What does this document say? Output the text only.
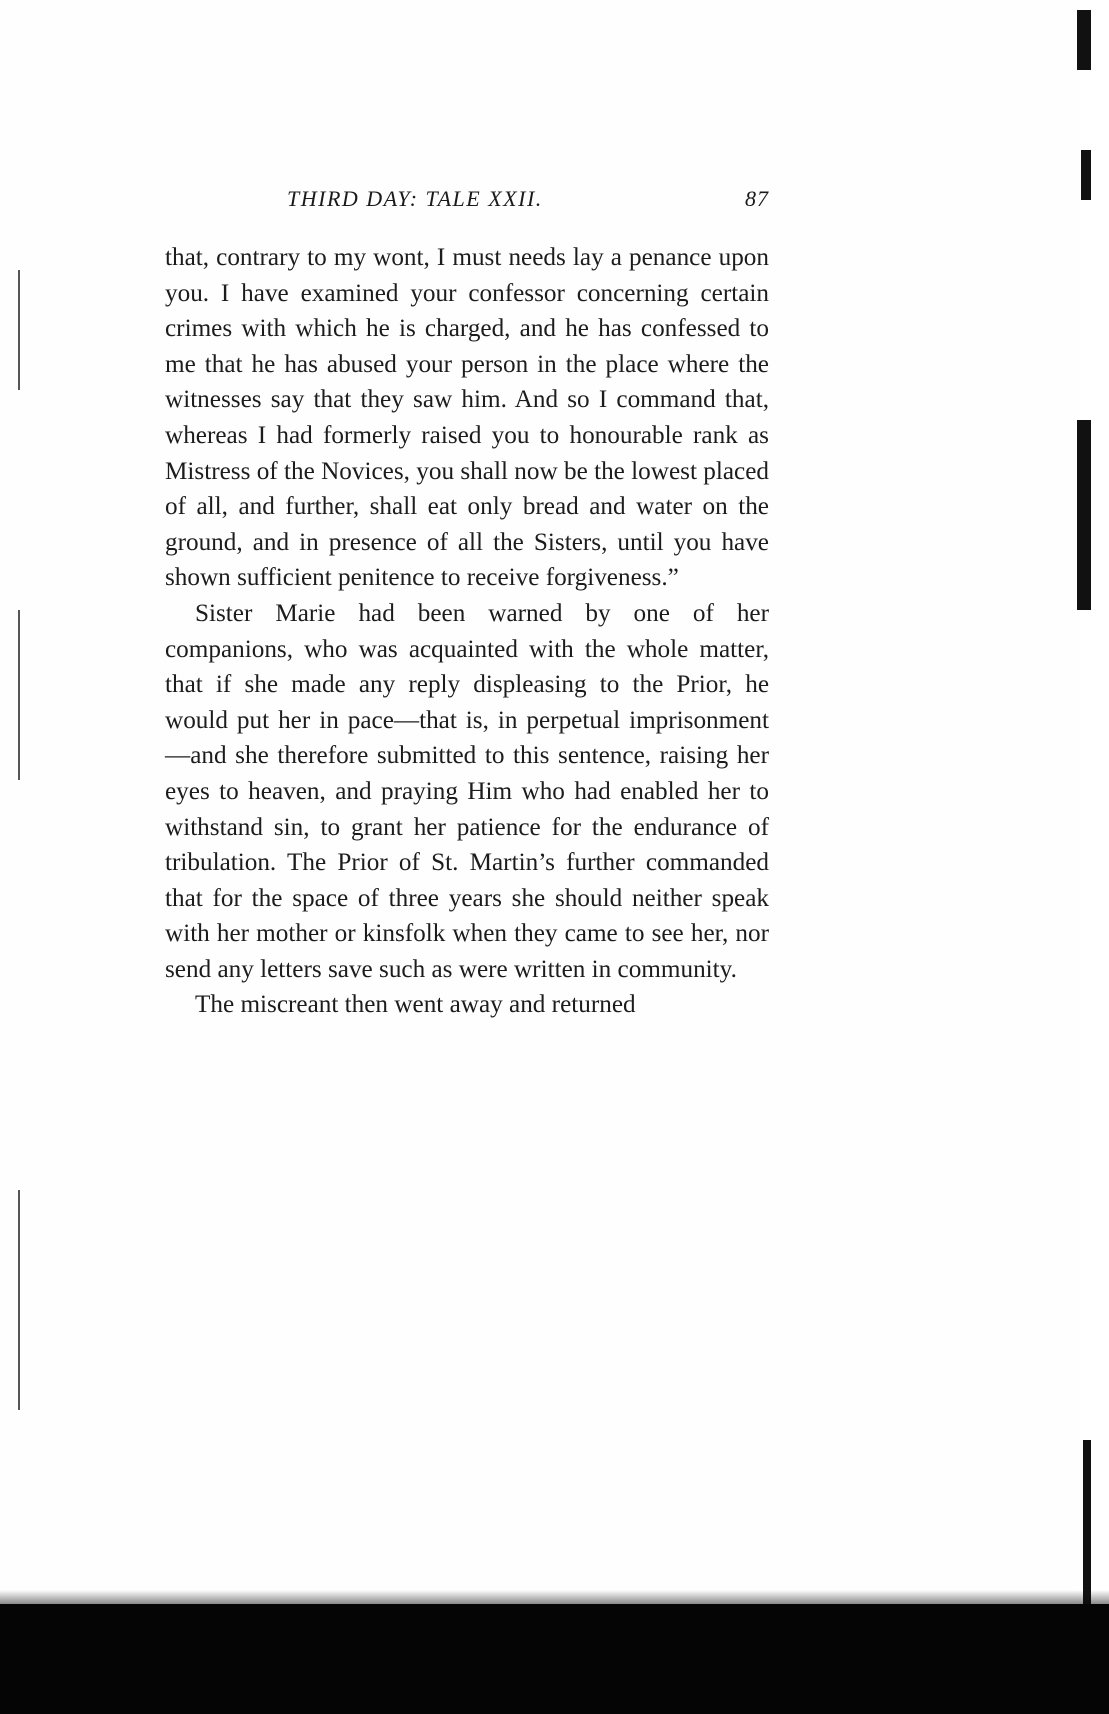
THIRD DAY: TALE XXII.	87

that, contrary to my wont, I must needs lay a penance upon you. I have examined your confessor concerning certain crimes with which he is charged, and he has confessed to me that he has abused your person in the place where the witnesses say that they saw him. And so I command that, whereas I had formerly raised you to honourable rank as Mistress of the Novices, you shall now be the lowest placed of all, and further, shall eat only bread and water on the ground, and in presence of all the Sisters, until you have shown sufficient penitence to receive forgiveness.”

Sister Marie had been warned by one of her companions, who was acquainted with the whole matter, that if she made any reply displeasing to the Prior, he would put her in pace—that is, in perpetual imprisonment—and she therefore submitted to this sentence, raising her eyes to heaven, and praying Him who had enabled her to withstand sin, to grant her patience for the endurance of tribulation. The Prior of St. Martin’s further commanded that for the space of three years she should neither speak with her mother or kinsfolk when they came to see her, nor send any letters save such as were written in community.

The miscreant then went away and returned
